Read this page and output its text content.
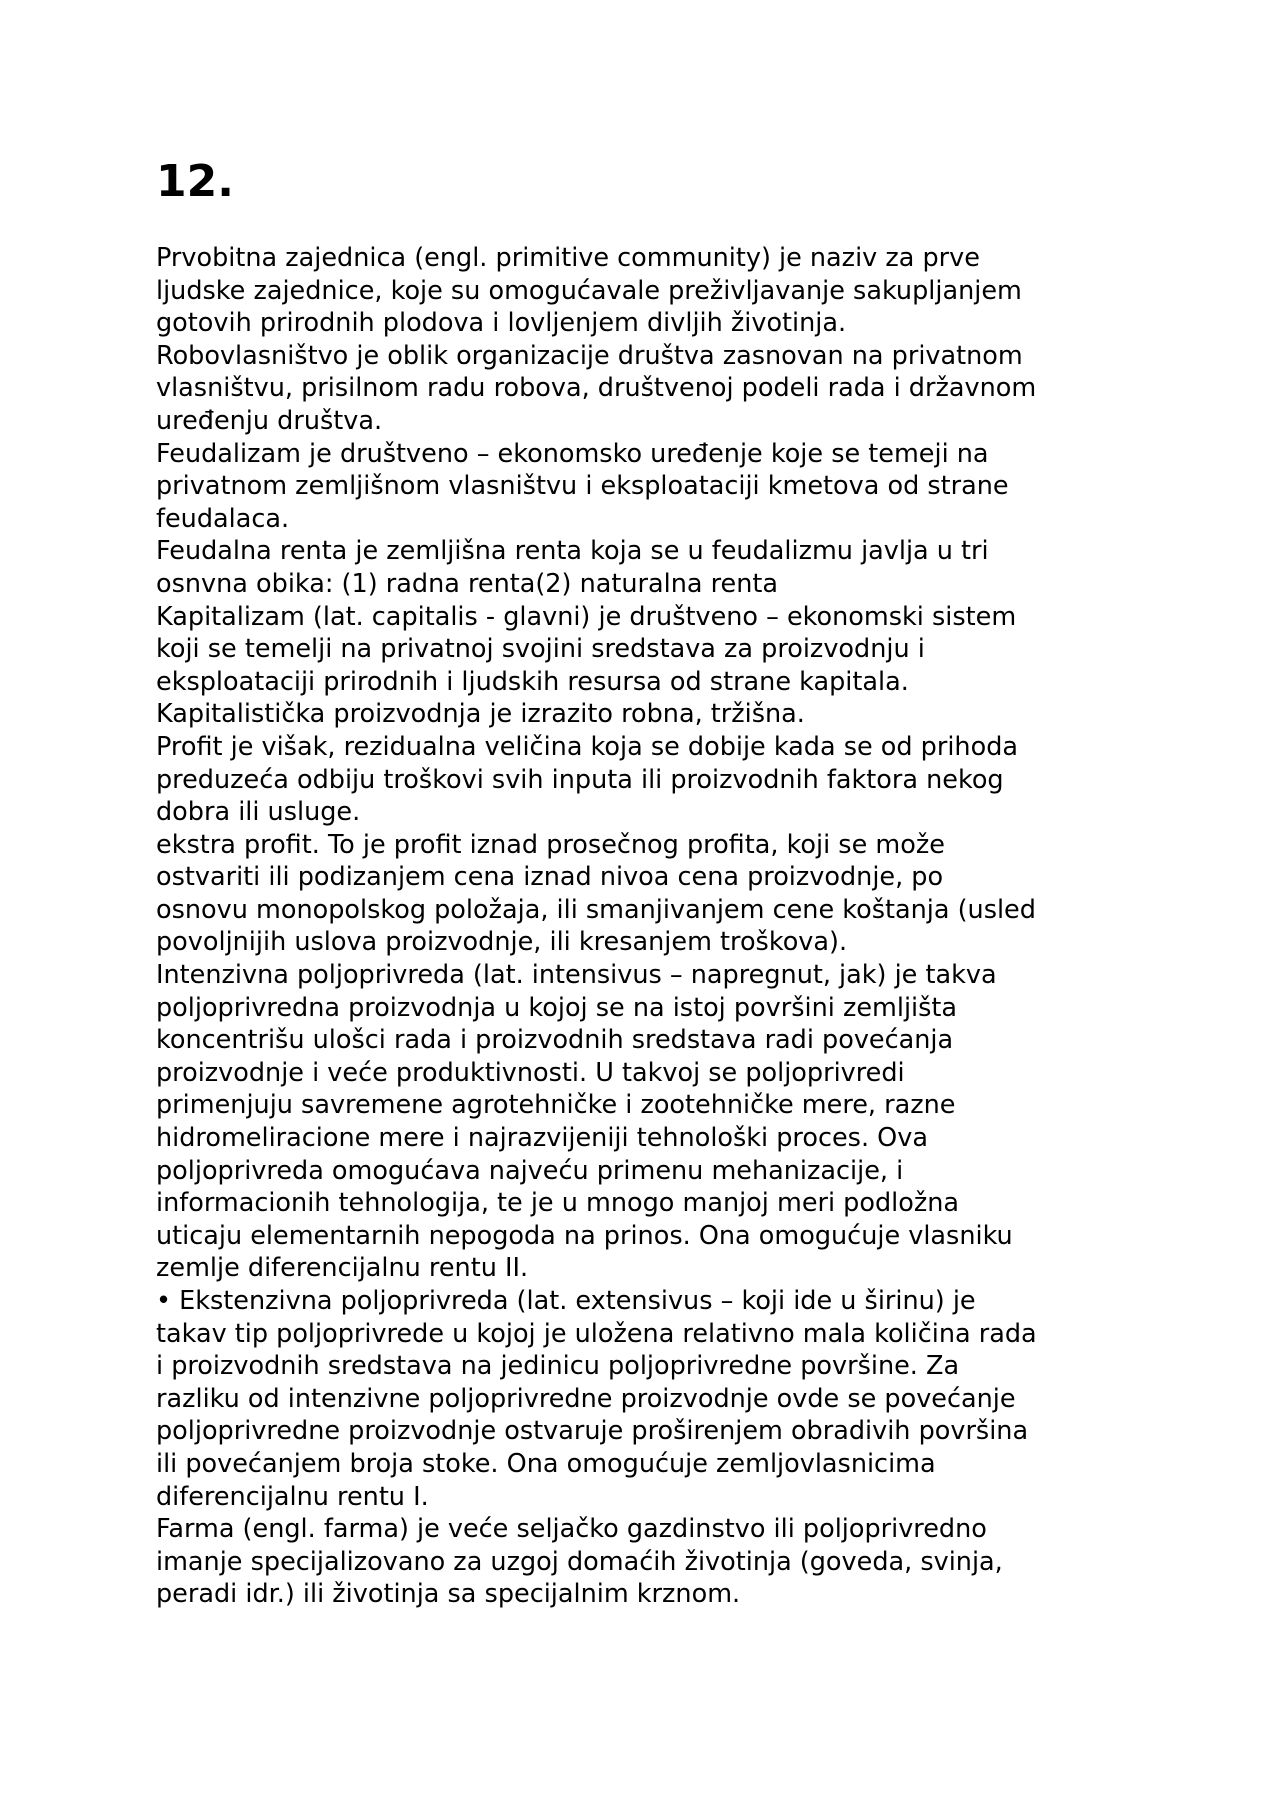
12.
Prvobitna zajednica (engl. primitive community) je naziv za prve
ljudske zajednice, koje su omogućavale preživljavanje sakupljanjem
gotovih prirodnih plodova i lovljenjem divljih životinja.
Robovlasništvo je oblik organizacije društva zasnovan na privatnom
vlasništvu, prisilnom radu robova, društvenoj podeli rada i državnom
uređenju društva.
Feudalizam je društveno – ekonomsko uređenje koje se temeji na
privatnom zemljišnom vlasništvu i eksploataciji kmetova od strane
feudalaca.
Feudalna renta je zemljišna renta koja se u feudalizmu javlja u tri
osnvna obika: (1) radna renta(2) naturalna renta
Kapitalizam (lat. capitalis - glavni) je društveno – ekonomski sistem
koji se temelji na privatnoj svojini sredstava za proizvodnju i
eksploataciji prirodnih i ljudskih resursa od strane kapitala.
Kapitalistička proizvodnja je izrazito robna, tržišna.
Profit je višak, rezidualna veličina koja se dobije kada se od prihoda
preduzeća odbiju troškovi svih inputa ili proizvodnih faktora nekog
dobra ili usluge.
ekstra profit. To je profit iznad prosečnog profita, koji se može
ostvariti ili podizanjem cena iznad nivoa cena proizvodnje, po
osnovu monopolskog položaja, ili smanjivanjem cene koštanja (usled
povoljnijih uslova proizvodnje, ili kresanjem troškova).
Intenzivna poljoprivreda (lat. intensivus – napregnut, jak) je takva
poljoprivredna proizvodnja u kojoj se na istoj površini zemljišta
koncentrišu ulošci rada i proizvodnih sredstava radi povećanja
proizvodnje i veće produktivnosti. U takvoj se poljoprivredi
primenjuju savremene agrotehničke i zootehničke mere, razne
hidromeliracione mere i najrazvijeniji tehnološki proces. Ova
poljoprivreda omogućava najveću primenu mehanizacije, i
informacionih tehnologija, te je u mnogo manjoj meri podložna
uticaju elementarnih nepogoda na prinos. Ona omogućuje vlasniku
zemlje diferencijalnu rentu II.
• Ekstenzivna poljoprivreda (lat. extensivus – koji ide u širinu) je
takav tip poljoprivrede u kojoj je uložena relativno mala količina rada
i proizvodnih sredstava na jedinicu poljoprivredne površine. Za
razliku od intenzivne poljoprivredne proizvodnje ovde se povećanje
poljoprivredne proizvodnje ostvaruje proširenjem obradivih površina
ili povećanjem broja stoke. Ona omogućuje zemljovlasnicima
diferencijalnu rentu I.
Farma (engl. farma) je veće seljačko gazdinstvo ili poljoprivredno
imanje specijalizovano za uzgoj domaćih životinja (goveda, svinja,
peradi idr.) ili životinja sa specijalnim krznom.
